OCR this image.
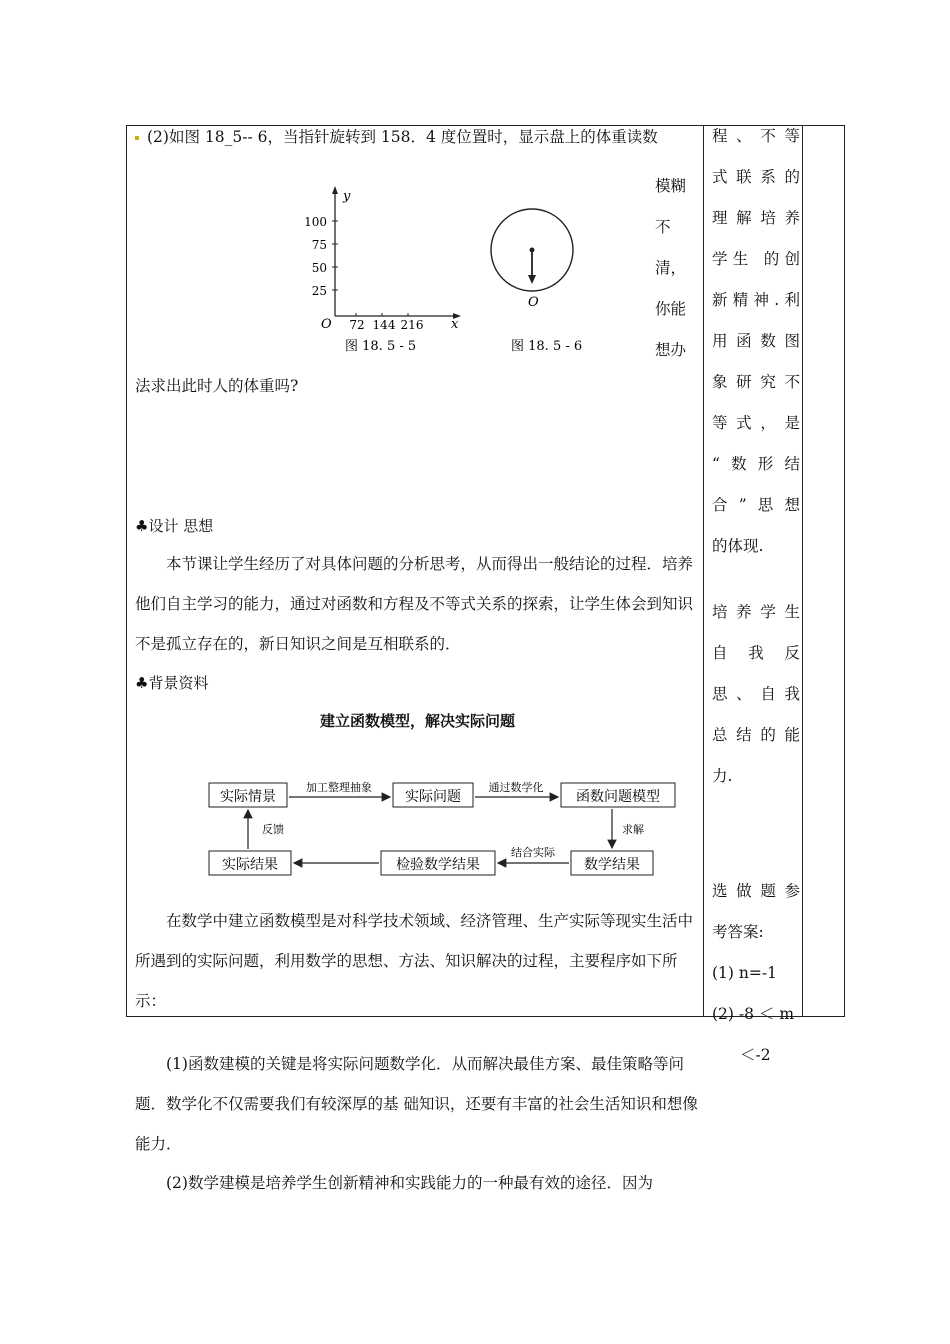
(2)如图 18_5-- 6，当指针旋转到 158．4 度位置时，显示盘上的体重读数

模糊
不
清，
你能
想办
y
x
O
100
75
50
25
72 144 216
图 18. 5 - 5
O
图 18. 5 - 6

法求出此时人的体重吗?

♣设计 思想

本节课让学生经历了对具体问题的分析思考，从而得出一般结论的过程．培养他们自主学习的能力，通过对函数和方程及不等式关系的探索，让学生体会到知识不是孤立存在的，新日知识之间是互相联系的．

♣背景资料

建立函数模型，解决实际问题

实际情景	实际问题	函数问题模型
数学结果
检验数学结果
实际结果
加工整理抽象	通过数学化
求解
结合实际
反馈

在数学中建立函数模型是对科学技术领域、经济管理、生产实际等现实生活中所遇到的实际问题，利用数学的思想、方法、知识解决的过程，主要程序如下所示：

(1)函数建模的关键是将实际问题数学化．从而解决最佳方案、最佳策略等问题．数学化不仅需要我们有较深厚的基 础知识，还要有丰富的社会生活知识和想像能力．

(2)数学建模是培养学生创新精神和实践能力的一种最有效的途径．因为

程、不等
式联系的
理解培养
学生 的创
新精神.利
用函数图
象研究不
等式，是
“数形结
合”思想
的体现.
培养学生
自 我 反
思、自我
总结的能
力.
选做题参
考答案:
(1) n=-1
(2) -8 ＜ m
＜-2
